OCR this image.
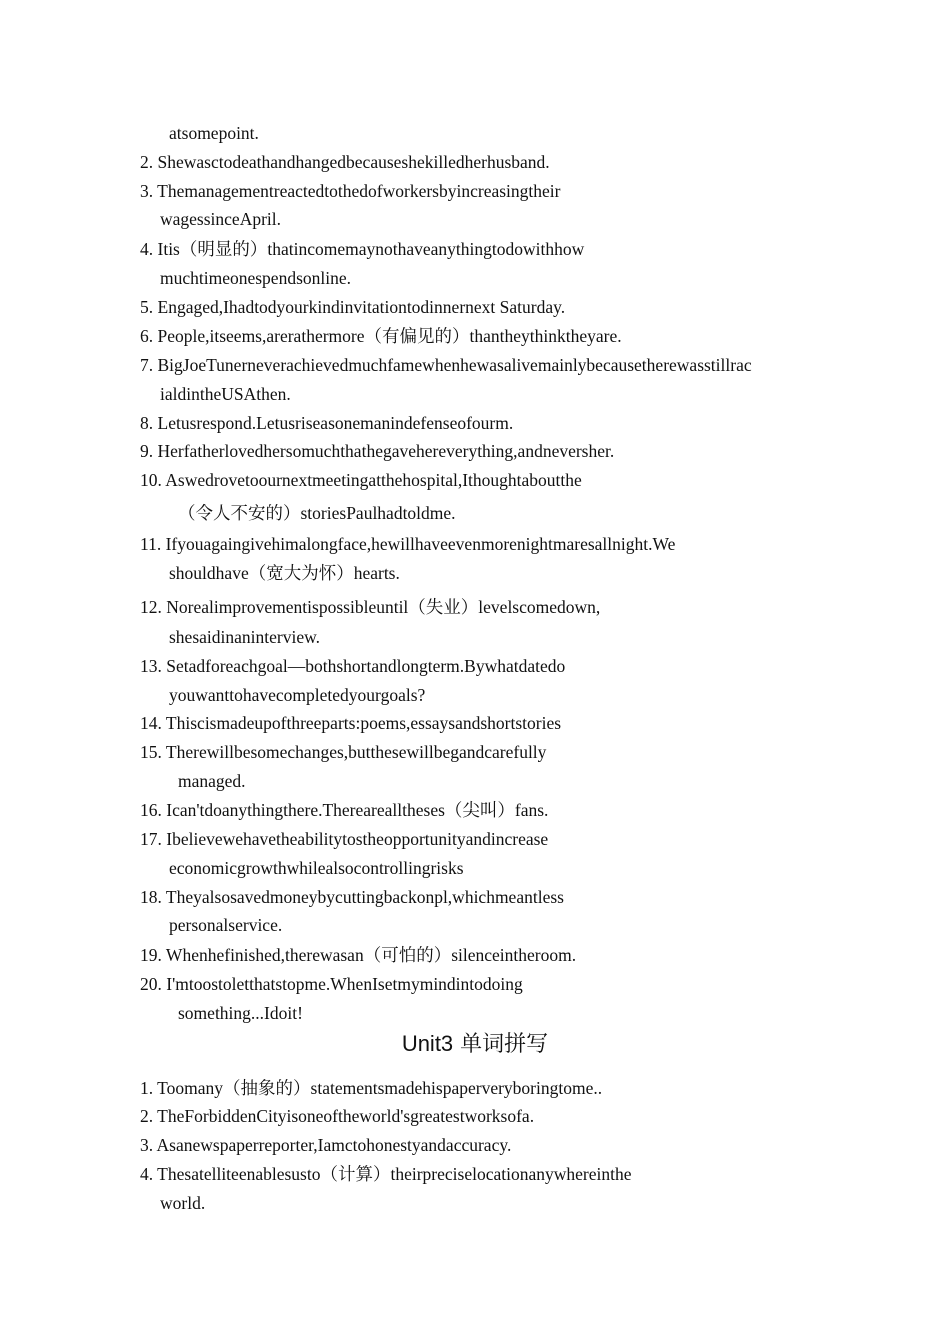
atsomepoint.
2. Shewasctodeathandhangedbecauseshekilledherhusband.
3. Themanagementreactedtothedofworkersbyincreasingtheir
wagessinceApril.
4. Itis（明显的）thatincomemaynothaveanythingtodowithhow
muchtimeonespendsonline.
5. Engaged,Ihadtodyourkindinvitationtodinnernext Saturday.
6. People,itseems,arerathermore（有偏见的）thantheythinktheyare.
7. BigJoeTunerneverachievedmuchfamewhenhewasalivemainlybecausetherewasstillrac
ialdintheUSAthen.
8. Letusrespond.Letusriseasonemanindefenseofourm.
9. Herfatherlovedhersomuchthathegavehereverything,andneversher.
10. Aswedrovetoournextmeetingatthehospital,Ithoughtaboutthe
（令人不安的）storiesPaulhadtoldme.
11. Ifyouagaingivehimalongface,hewillhaveevenmorenightmaresallnight.We
shouldhave（宽大为怀）hearts.
12. Norealimprovementispossibleuntil（失业）levelscomedown,
shesaidinaninterview.
13. Setadforeachgoal—bothshortandlongterm.Bywhatdatedo
youwanttohavecompletedyourgoals?
14. Thiscismadeupofthreeparts:poems,essaysandshortstories
15. Therewillbesomechanges,butthesewillbegandcarefully
managed.
16. Ican'tdoanythingthere.Therearealltheses（尖叫）fans.
17. Ibelievewehavetheabilitytostheopportunityandincrease
economicgrowthwhilealsocontrollingrisks
18. Theyalsosavedmoneybycuttingbackonpl,whichmeantless
personalservice.
19. Whenhefinished,therewasan（可怕的）silenceintheroom.
20. I'mtoostoletthatstopme.WhenIsetmymindintodoing
something...Idoit!
Unit3 单词拼写
1. Toomany（抽象的）statementsmadehispaperveryboringtome..
2. TheForbiddenCityisoneoftheworld'sgreatestworksofa.
3. Asanewspaperreporter,Iamctohonestyandaccuracy.
4. Thesatelliteenablesusto（计算）theirpreciselocationanywhereinthe
world.
